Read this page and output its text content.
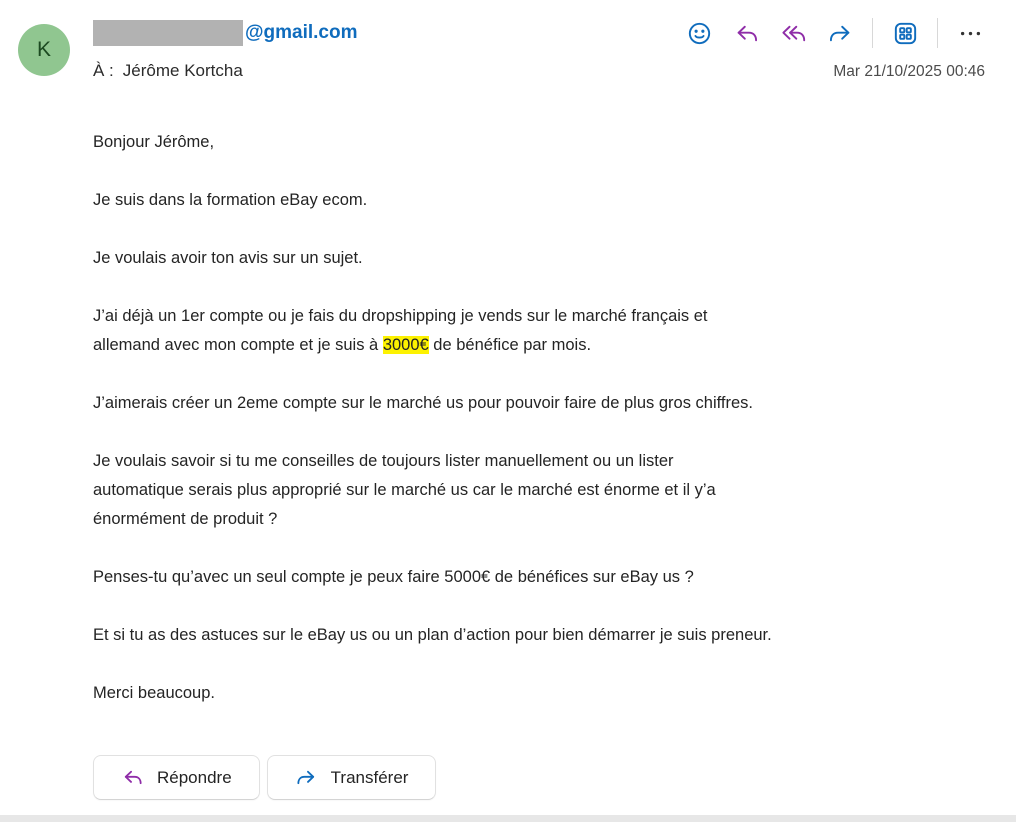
K
@gmail.com
À : Jérôme Kortcha	Mar 21/10/2025 00:46

Bonjour Jérôme,

Je suis dans la formation eBay ecom.

Je voulais avoir ton avis sur un sujet.

J’ai déjà un 1er compte ou je fais du dropshipping je vends sur le marché français et
allemand avec mon compte et je suis à 3000€ de bénéfice par mois.

J’aimerais créer un 2eme compte sur le marché us pour pouvoir faire de plus gros chiffres.

Je voulais savoir si tu me conseilles de toujours lister manuellement ou un lister
automatique serais plus approprié sur le marché us car le marché est énorme et il y’a
énormément de produit ?

Penses-tu qu’avec un seul compte je peux faire 5000€ de bénéfices sur eBay us ?

Et si tu as des astuces sur le eBay us ou un plan d’action pour bien démarrer je suis preneur.

Merci beaucoup.

Répondre	Transférer
